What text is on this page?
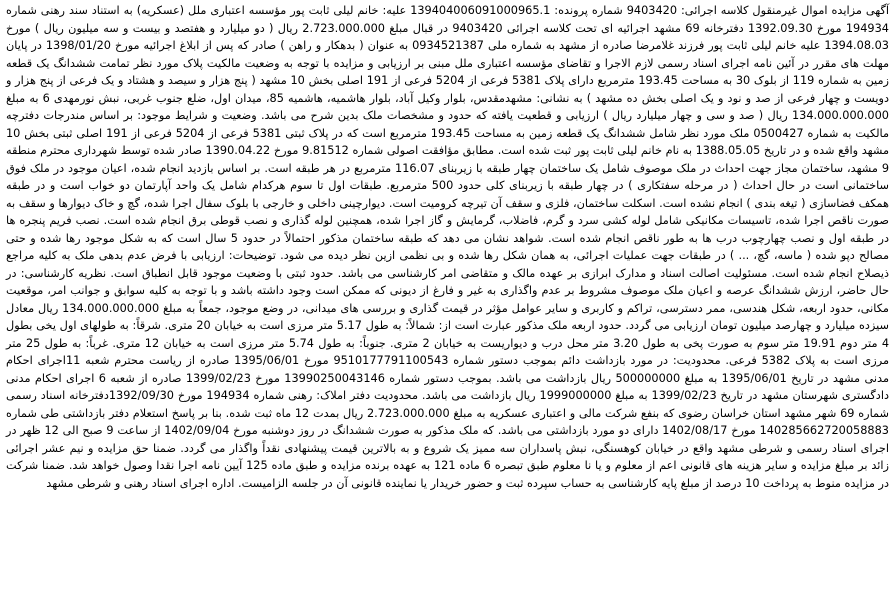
آگهی مزایده اموال غیرمنقول کلاسه اجرائی: 9403420 شماره پرونده: 139404006091000965.1 علیه: خانم لیلی ثابت پور مؤسسه اعتباری ملل (عسکریه) به استناد سند رهنی شماره 194934 مورخ 1392.09.30 دفترخانه 69 مشهد اجرائیه ای تحت کلاسه اجرائی 9403420 در قبال مبلغ 2.723.000.000 ریال ( دو میلیارد و هفتصد و بیست و سه میلیون ریال ) مورخ 1394.08.03 علیه خانم لیلی ثابت پور فرزند غلامرضا صادره از مشهد به شماره ملی 0934521387 به عنوان ( بدهکار و راهن ) صادر که پس از ابلاغ اجرائیه مورخ 1398/01/20 در پایان مهلت های مقرر در آئین نامه اجرای اسناد رسمی لازم الاجرا و تقاضای مؤسسه اعتباری ملل مبنی بر ارزیابی و مزایده با توجه به وضعیت مالکیت پلاک مورد نظر تمامت ششدانگ یک قطعه زمین به شماره 119 از بلوک 30 به مساحت 193.45 مترمربع دارای پلاک 5381 فرعی از 5204 فرعی از 191 اصلی بخش 10 مشهد ( پنج هزار و سیصد و هشتاد و یک فرعی از پنج هزار و دویست و چهار فرعی از صد و نود و یک اصلی بخش ده مشهد ) به نشانی: مشهدمقدس، بلوار وکیل آباد، بلوار هاشمیه، هاشمیه 85، میدان اول، ضلع جنوب غربی، نبش نورمهدی 6 به مبلغ 134.000.000.000 ریال ( صد و سی و چهار میلیارد ریال ) ارزیابی و قطعیت یافته که حدود و مشخصات ملک بدین شرح می باشد.

وضعیت و شرایط موجود: بر اساس مندرجات دفترچه مالکیت به شماره 0500427 ملک مورد نظر شامل ششدانگ یک قطعه زمین به مساحت 193.45 مترمربع است که در پلاک ثبتی 5381 فرعی از 5204 فرعی از 191 اصلی ثبتی بخش 10 مشهد واقع شده و در تاریخ 1388.05.05 به نام خانم لیلی ثابت پور ثبت شده است. مطابق مؤافقت اصولی شماره 9.81512 مورخ 1390.04.22 صادر شده توسط شهرداری محترم منطقه 9 مشهد، ساختمان مجاز جهت احداث در ملک موصوف شامل یک ساختمان چهار طبقه با زیربنای 116.07 مترمربع در هر طبقه است. بر اساس بازدید انجام شده، اعیان موجود در ملک فوق ساختمانی است در حال احداث ( در مرحله سفتکاری ) در چهار طبقه با زیربنای کلی حدود 500 مترمربع. طبقات اول تا سوم هرکدام شامل یک واحد آپارتمان دو خواب است و در طبقه همکف فضاسازی ( تیغه بندی ) انجام نشده است. اسکلت ساختمان، فلزی و سقف آن تیرچه کرومیت است. دیوارچینی داخلی و خارجی با بلوک سفال اجرا شده، گچ و خاک دیوارها و سقف به صورت ناقص اجرا شده، تاسیسات مکانیکی شامل لوله کشی سرد و گرم، فاضلاب، گرمایش و گاز اجرا شده، همچنین لوله گذاری و نصب قوطی برق انجام شده است. نصب فریم پنجره ها در طبقه اول و نصب چهارچوب درب ها به طور ناقص انجام شده است. شواهد نشان می دهد که طبقه ساختمان مذکور احتمالاً در حدود 5 سال است که به شکل موجود رها شده و حتی مصالح دپو شده ( ماسه، گچ، ... ) در طبقات جهت عملیات اجرائی، به همان شکل رها شده و بی نظمی ازین نظر دیده می شود. توضیحات: ارزیابی با فرض عدم بدهی ملک به کلیه مراجع ذیصلاح انجام شده است. مسئولیت اصالت اسناد و مدارک ابرازی بر عهده مالک و متقاضی امر کارشناسی می باشد. حدود ثبتی با وضعیت موجود قابل انطباق است. نظریه کارشناسی: در حال حاضر، ارزش ششدانگ عرصه و اعیان ملک موصوف مشروط بر عدم واگذاری به غیر و فارغ از دیونی که ممکن است وجود داشته باشد و با توجه به کلیه سوابق و جوانب امر، موقعیت مکانی، حدود اربعه، شکل هندسی، ممر دسترسی، تراکم و کاربری و سایر عوامل مؤثر در قیمت گذاری و بررسی های میدانی، در وضع موجود، جمعاً به مبلغ 134.000.000.000 ریال معادل سیزده میلیارد و چهارصد میلیون تومان ارزیابی می گردد. حدود اربعه ملک مذکور عبارت است از: شمالاً: به طول 5.17 متر مرزی است به خیابان 20 متری. شرقاً: به طولهای اول یخی بطول 4 متر دوم 19.91 متر سوم به صورت پخی به طول 3.20 متر محل درب و دیواریست به خیابان 2 متری. جنوباً: به طول 5.74 متر مرزی است به خیابان 12 متری. غرباً: به طول 25 متر مرزی است به پلاک 5382 فرعی. محدودیت: در مورد بازداشت دائم بموجب دستور شماره 9510177791100543 مورخ 1395/06/01 صادره از ریاست محترم شعبه 11اجرای احکام مدنی مشهد در تاریخ 1395/06/01 به مبلغ 500000000 ریال بازداشت می باشد. بموجب دستور شماره 13990250043146 مورخ 1399/02/23 صادره از شعبه 6 اجرای احکام مدنی دادگستری شهرستان مشهد در تاریخ 1399/02/23 به مبلغ 1999000000 ریال بازداشت می باشد. محدودیت دفتر املاک: رهنی شماره 194934 مورخ 1392/09/30دفترخانه اسناد رسمی شماره 69 شهر مشهد استان خراسان رضوی که بنفع شرکت مالی و اعتباری عسکریه به مبلغ 2.723.000.000 ریال بمدت 12 ماه ثبت شده. بنا بر پاسخ استعلام دفتر بازداشتی طی شماره 140285662720058883 مورخ 1402/08/17 دارای دو مورد بازداشتی می باشد. که ملک مذکور به صورت ششدانگ در روز دوشنبه مورخ 1402/09/04 از ساعت 9 صبح الی 12 ظهر در اجرای اسناد رسمی و شرطی مشهد واقع در خیابان کوهسنگی، نبش پاسداران سه ممیز یک شروع و به بالاترین قیمت پیشنهادی نقداً واگذار می گردد. ضمنا حق مزایده و نیم عشر اجرائی زائد بر مبلغ مزایده و سایر هزینه های قانونی اعم از معلوم و یا نا معلوم طبق تبصره 6 ماده 121 به عهده برنده مزایده و طبق ماده 125 آیین نامه اجرا نقدا وصول خواهد شد. ضمنا شرکت در مزایده منوط به پرداخت 10 درصد از مبلغ پایه کارشناسی به حساب سپرده ثبت و حضور خریدار یا نماینده قانونی آن در جلسه الزامیست. اداره اجرای اسناد رهنی و شرطی مشهد
